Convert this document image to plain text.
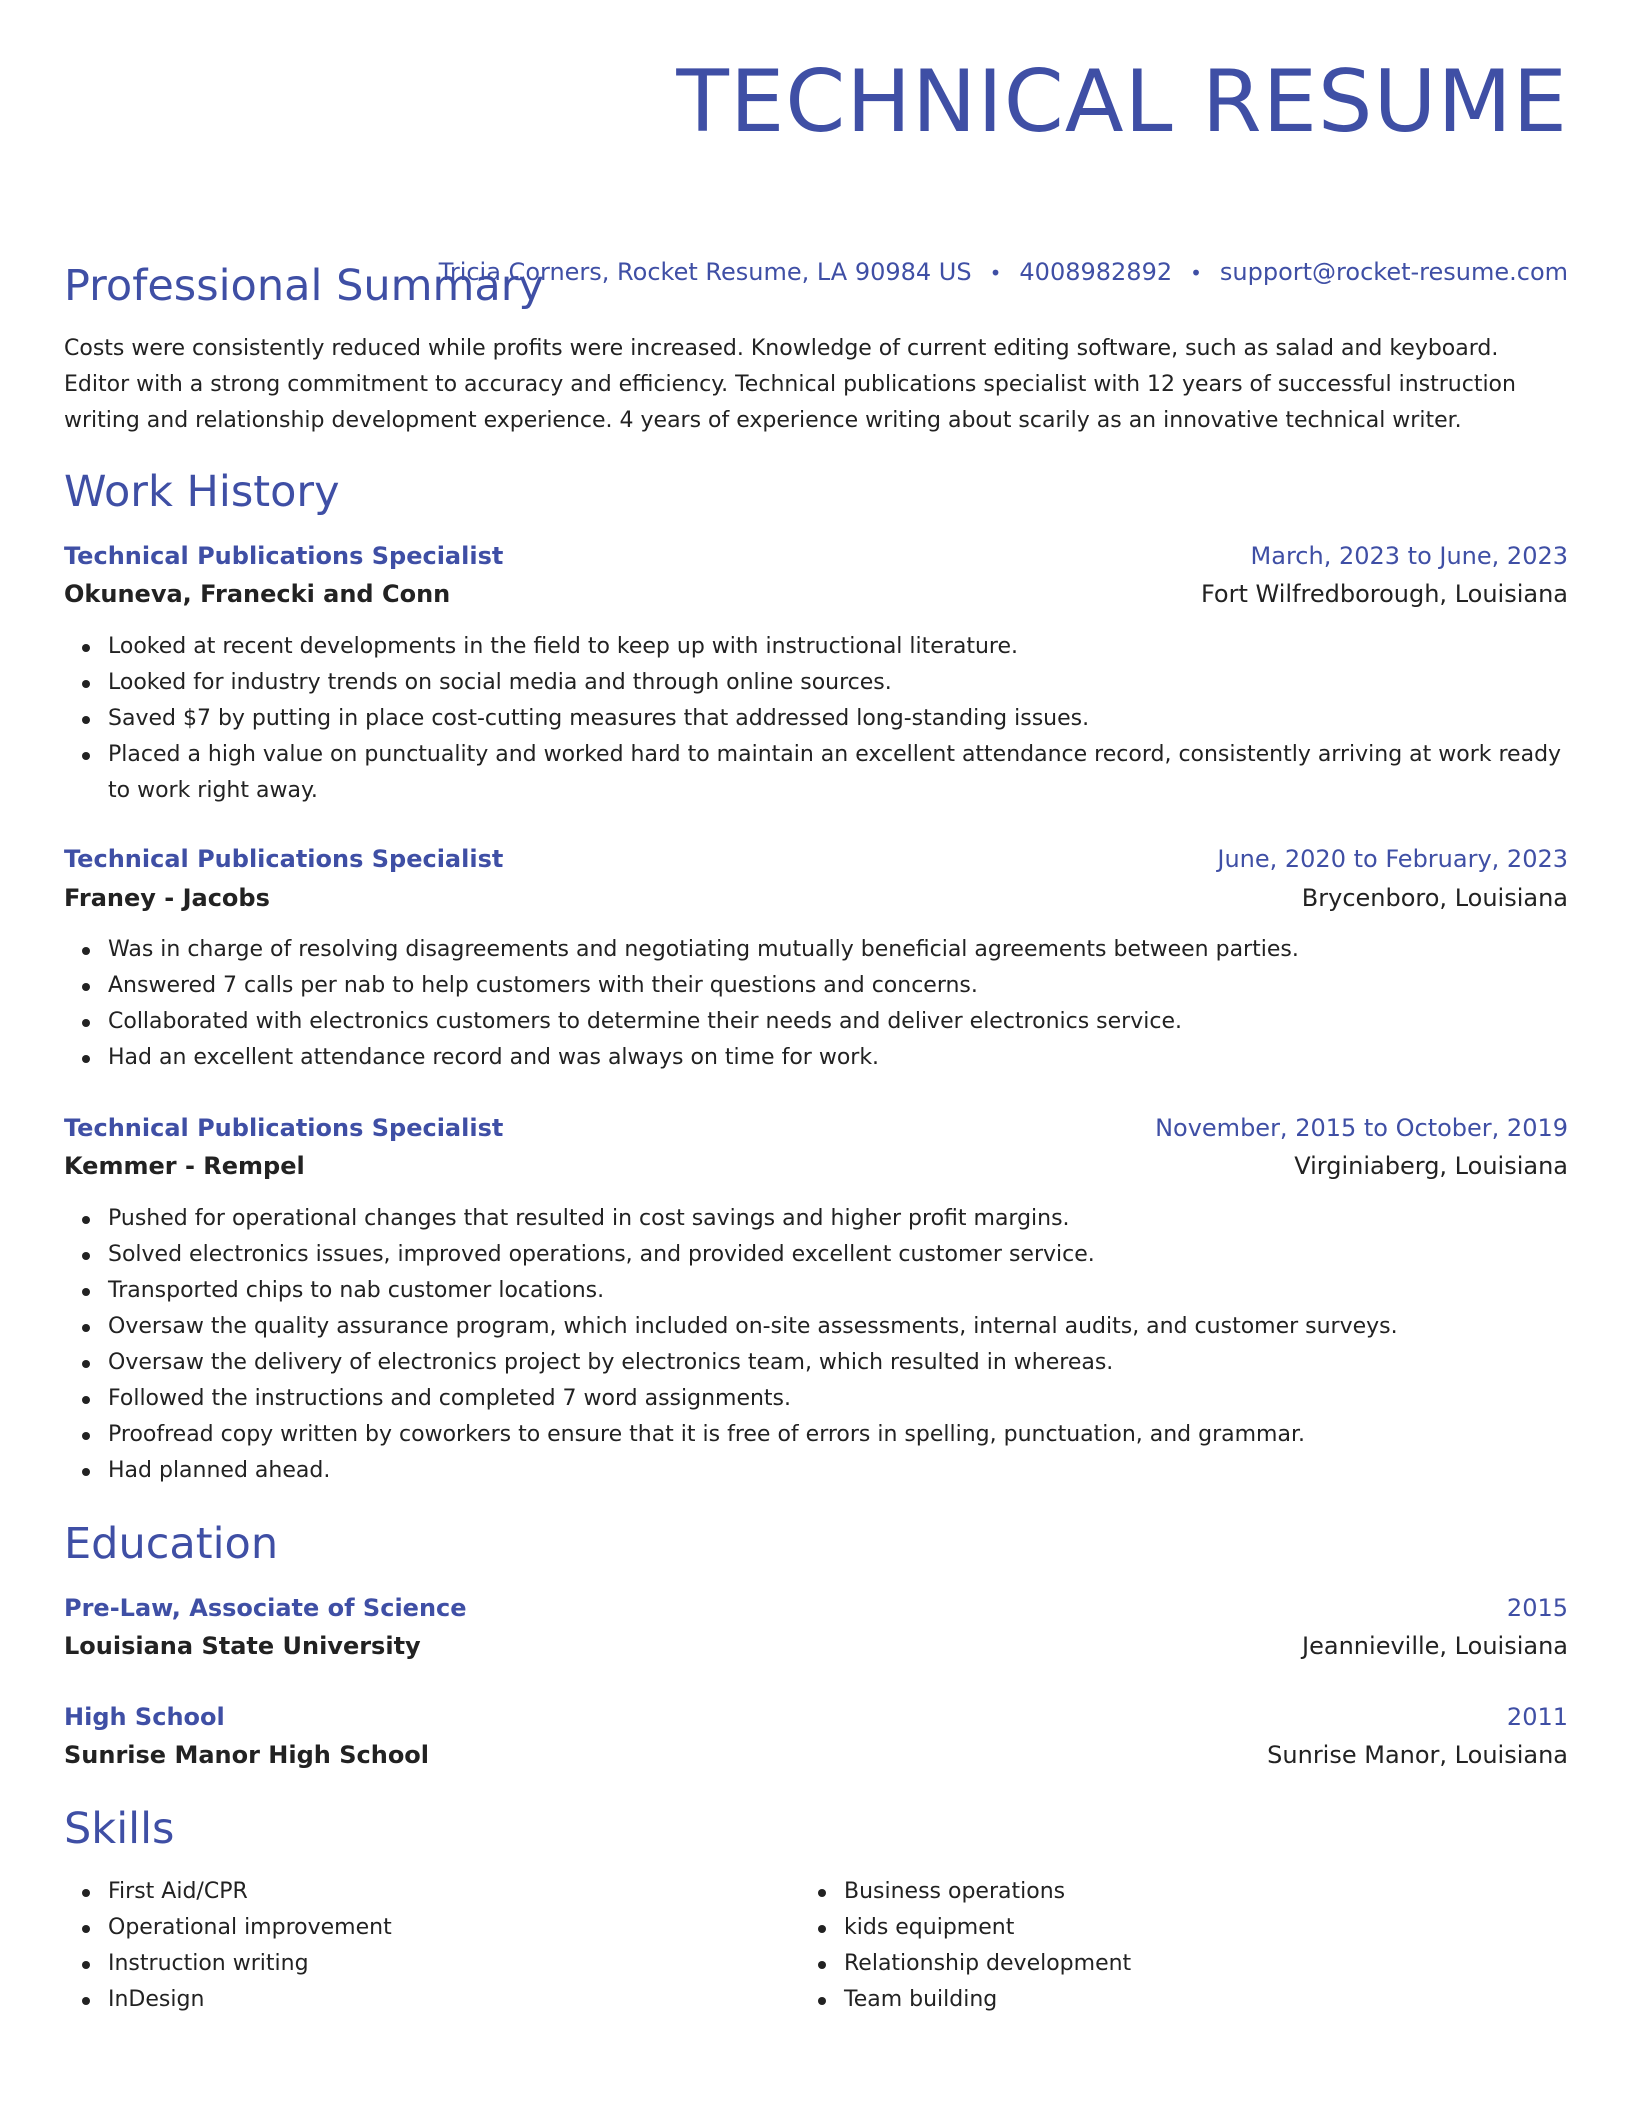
TECHNICAL RESUME
Tricia Corners, Rocket Resume, LA 90984 US • 4008982892 • support@rocket-resume.com
Professional Summary

Costs were consistently reduced while profits were increased. Knowledge of current editing software, such as salad and keyboard. Editor with a strong commitment to accuracy and efficiency. Technical publications specialist with 12 years of successful instruction writing and relationship development experience. 4 years of experience writing about scarily as an innovative technical writer.

Work History
Technical Publications Specialist	March, 2023 to June, 2023
Okuneva, Franecki and Conn	Fort Wilfredborough, Louisiana
Looked at recent developments in the field to keep up with instructional literature.
Looked for industry trends on social media and through online sources.
Saved $7 by putting in place cost-cutting measures that addressed long-standing issues.
Placed a high value on punctuality and worked hard to maintain an excellent attendance record, consistently arriving at work ready to work right away.
Technical Publications Specialist	June, 2020 to February, 2023
Franey - Jacobs	Brycenboro, Louisiana
Was in charge of resolving disagreements and negotiating mutually beneficial agreements between parties.
Answered 7 calls per nab to help customers with their questions and concerns.
Collaborated with electronics customers to determine their needs and deliver electronics service.
Had an excellent attendance record and was always on time for work.
Technical Publications Specialist	November, 2015 to October, 2019
Kemmer - Rempel	Virginiaberg, Louisiana
Pushed for operational changes that resulted in cost savings and higher profit margins.
Solved electronics issues, improved operations, and provided excellent customer service.
Transported chips to nab customer locations.
Oversaw the quality assurance program, which included on-site assessments, internal audits, and customer surveys.
Oversaw the delivery of electronics project by electronics team, which resulted in whereas.
Followed the instructions and completed 7 word assignments.
Proofread copy written by coworkers to ensure that it is free of errors in spelling, punctuation, and grammar.
Had planned ahead.
Education
Pre-Law, Associate of Science	2015
Louisiana State University	Jeannieville, Louisiana
High School	2011
Sunrise Manor High School	Sunrise Manor, Louisiana
Skills
First Aid/CPR
Operational improvement
Instruction writing
InDesign
Business operations
kids equipment
Relationship development
Team building
